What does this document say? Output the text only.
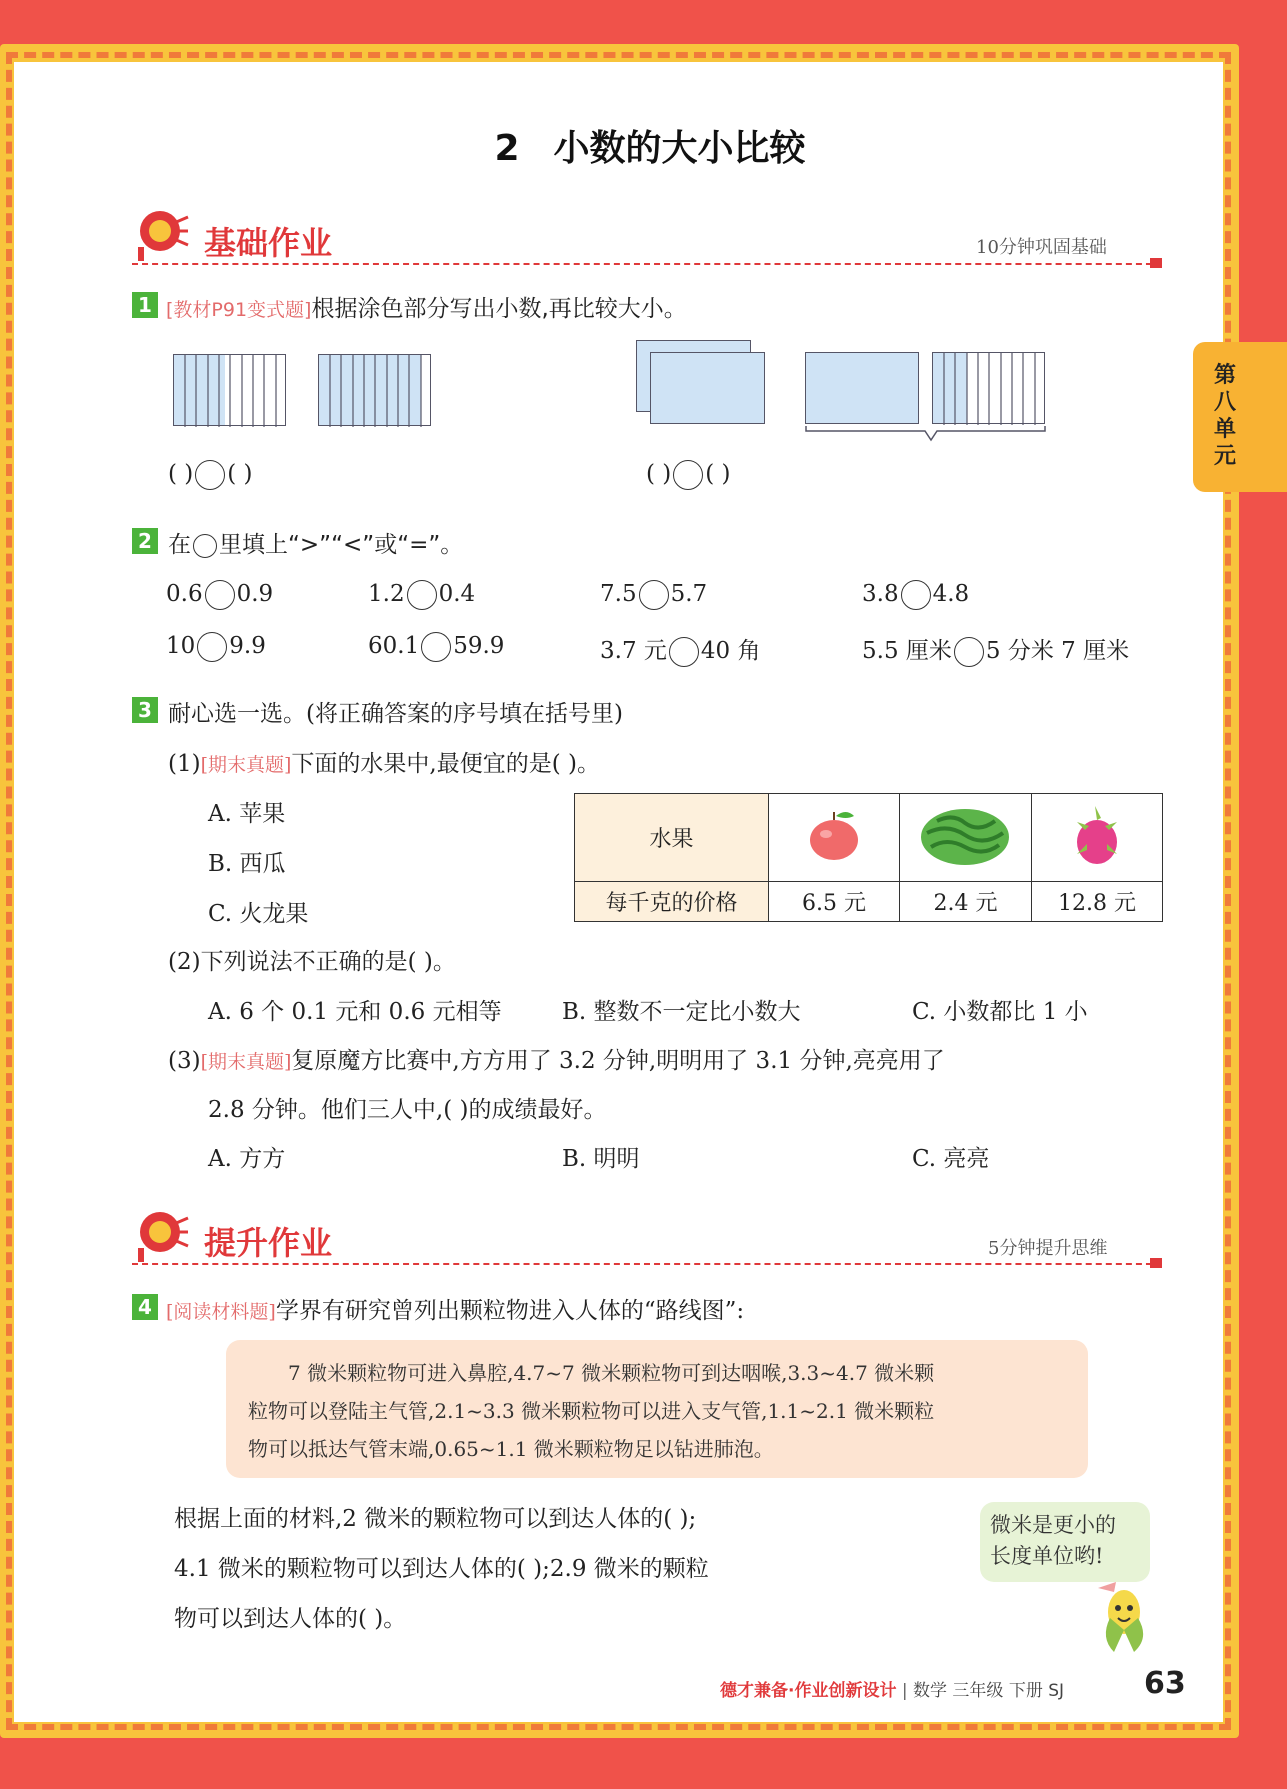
2 小数的大小比较
第
八
单
元
基础作业	10分钟巩固基础
1 [教材P91变式题]根据涂色部分写出小数,再比较大小。
( ) ( )	( ) ( )
2 在 里填上“>”“<”或“=”。
0.6 0.9	1.2 0.4	7.5 5.7	3.8 4.8
10 9.9	60.1 59.9	3.7 元 40 角	5.5 厘米 5 分米 7 厘米
3 耐心选一选。(将正确答案的序号填在括号里)
(1)[期末真题]下面的水果中,最便宜的是( )。
A. 苹果
B. 西瓜
C. 火龙果
水果			
每千克的价格	6.5 元	2.4 元	12.8 元
(2)下列说法不正确的是( )。
A. 6 个 0.1 元和 0.6 元相等	B. 整数不一定比小数大	C. 小数都比 1 小
(3)[期末真题]复原魔方比赛中,方方用了 3.2 分钟,明明用了 3.1 分钟,亮亮用了
2.8 分钟。他们三人中,( )的成绩最好。
A. 方方	B. 明明	C. 亮亮
提升作业	5分钟提升思维
4 [阅读材料题]学界有研究曾列出颗粒物进入人体的“路线图”:
7 微米颗粒物可进入鼻腔,4.7~7 微米颗粒物可到达咽喉,3.3~4.7 微米颗
粒物可以登陆主气管,2.1~3.3 微米颗粒物可以进入支气管,1.1~2.1 微米颗粒
物可以抵达气管末端,0.65~1.1 微米颗粒物足以钻进肺泡。
根据上面的材料,2 微米的颗粒物可以到达人体的( );
4.1 微米的颗粒物可以到达人体的( );2.9 微米的颗粒
物可以到达人体的( )。
微米是更小的
长度单位哟!
德才兼备·作业创新设计 | 数学 三年级 下册 SJ	63
